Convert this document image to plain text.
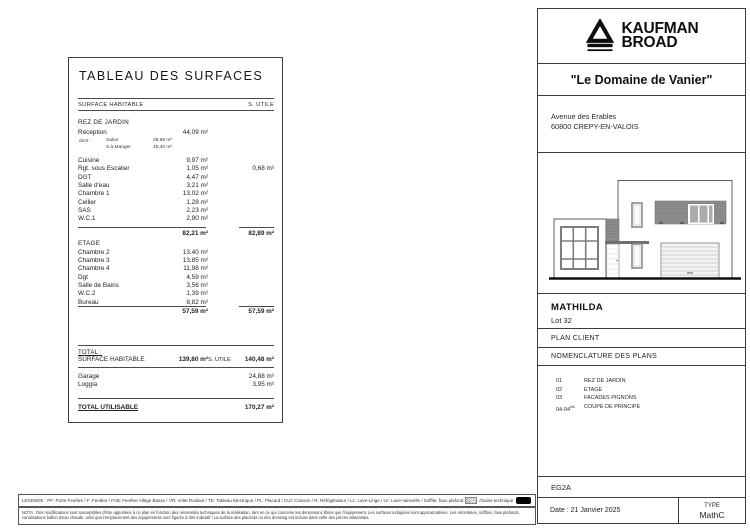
TABLEAU DES SURFACES
SURFACE HABITABLE	S. UTILE
REZ DE JARDIN
Réception	44,09 m²
dont :	Salon	28,69 m²
S.à Manger	15,40 m²
Cuisine	9,97 m²
Rgt. sous Escalier	1,05 m²	0,68 m²
DGT	4,47 m²
Salle d'eau	3,21 m²
Chambre 1	13,02 m²
Cellier	1,28 m²
SAS	2,23 m²
W.C.1	2,90 m²
82,21 m²	82,89 m²
ETAGE
Chambre 2	13,40 m²
Chambre 3	13,85 m²
Chambre 4	11,98 m²
Dgt	4,59 m²
Salle de Bains	3,56 m²
W.C.2	1,39 m²
Bureau	8,82 m²
57,59 m²	57,59 m²
TOTAL :
SURFACE HABITABLE	139,80 m² S. UTILE	140,48 m²
Garage	24,88 m²
Loggia	3,95 m²
TOTAL UTILISABLE	170,27 m²
KAUFMAN
BROAD
"Le Domaine de Vanier"
Avenue des Erables
60800 CREPY-EN-VALOIS
MATHILDA
Lot 32
PLAN CLIENT
NOMENCLATURE DES PLANS
01	REZ DE JARDIN
02	ETAGE
03	FACADES PIGNONS
$04-04^{bis}$	COUPE DE PRINCIPE
EG2A
Date : 21 Janvier 2025
TYPE
MathC
LEGENDE : PF: Porte Fenêtre / F: Fenêtre / FAB: Fenêtre Allège Basse / VR: Volet Roulant / TE: Tableau Electrique / PL: Placard / CUI: Cuisson / R: Réfrigérateur / LL: Lave-Linge / LV: Lave-Vaisselle / Soffite, faux plafond	/Gaine technique
NOTA : Des modifications sont susceptibles d'être apportées à ce plan en fonction des nécessités techniques de la réalisation, tant en ce qui concerne les dimensions libres que l'équipement. Les surfaces indiquées sont approximatives. Les retombées, soffites, faux plafonds,
canalisations ballon d'eau chaude, ainsi que l'emplacement des équipements sont figurés à titre indicatif ! La surface des placards ou des dressing est incluse dans celle des pièces attenantes.
